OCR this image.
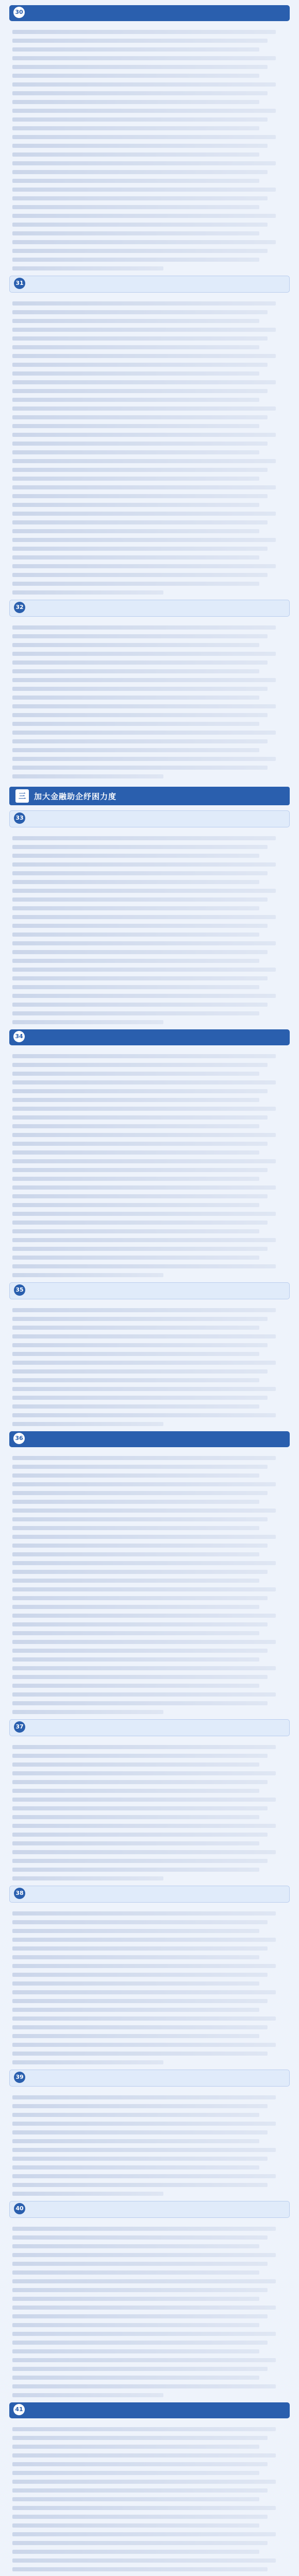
30
31
32
三	加大金融助企纾困力度
33
34
35
36
37
38
39
40
41
